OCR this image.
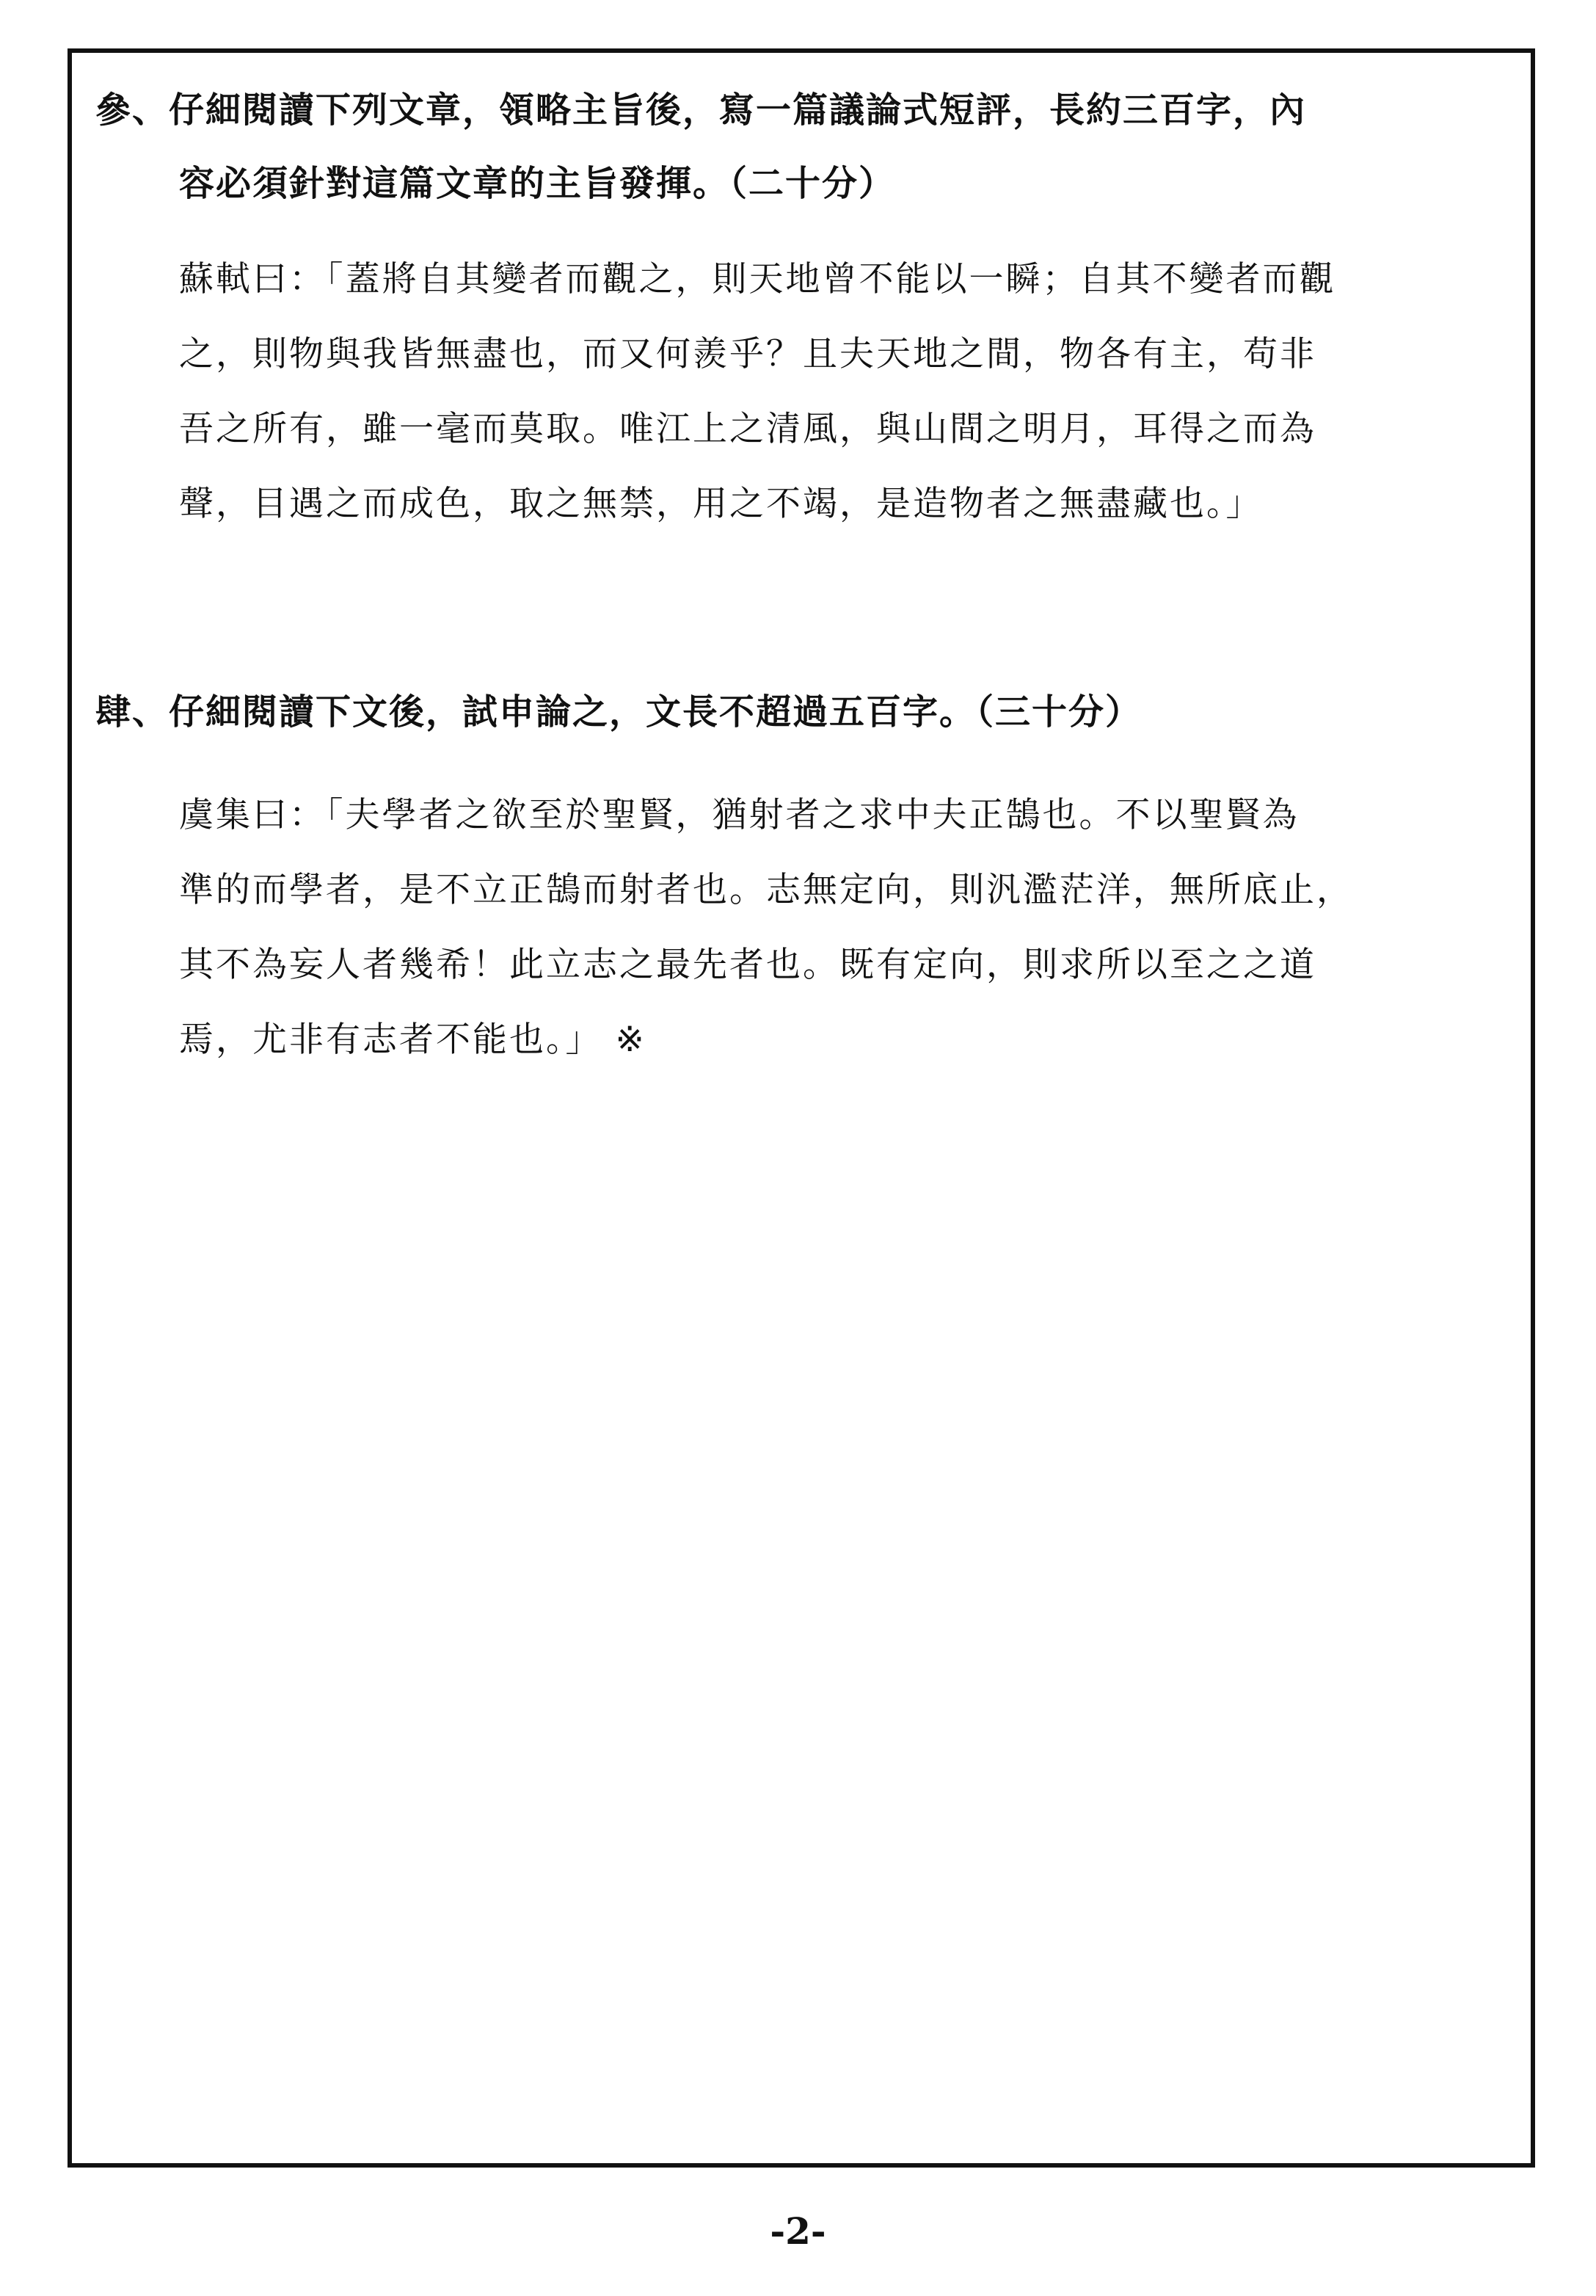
參、仔細閱讀下列文章，領略主旨後，寫一篇議論式短評，長約三百字，內
容必須針對這篇文章的主旨發揮。（二十分）
蘇軾曰：「蓋將自其變者而觀之，則天地曾不能以一瞬；自其不變者而觀
之，則物與我皆無盡也，而又何羨乎？且夫天地之間，物各有主，苟非
吾之所有，雖一毫而莫取。唯江上之清風，與山間之明月，耳得之而為
聲，目遇之而成色，取之無禁，用之不竭，是造物者之無盡藏也。」
肆、仔細閱讀下文後，試申論之，文長不超過五百字。（三十分）
虞集曰：「夫學者之欲至於聖賢，猶射者之求中夫正鵠也。不以聖賢為
準的而學者，是不立正鵠而射者也。志無定向，則汎濫茫洋，無所底止，
其不為妄人者幾希！此立志之最先者也。既有定向，則求所以至之之道
焉，尤非有志者不能也。」 ※
-2-
